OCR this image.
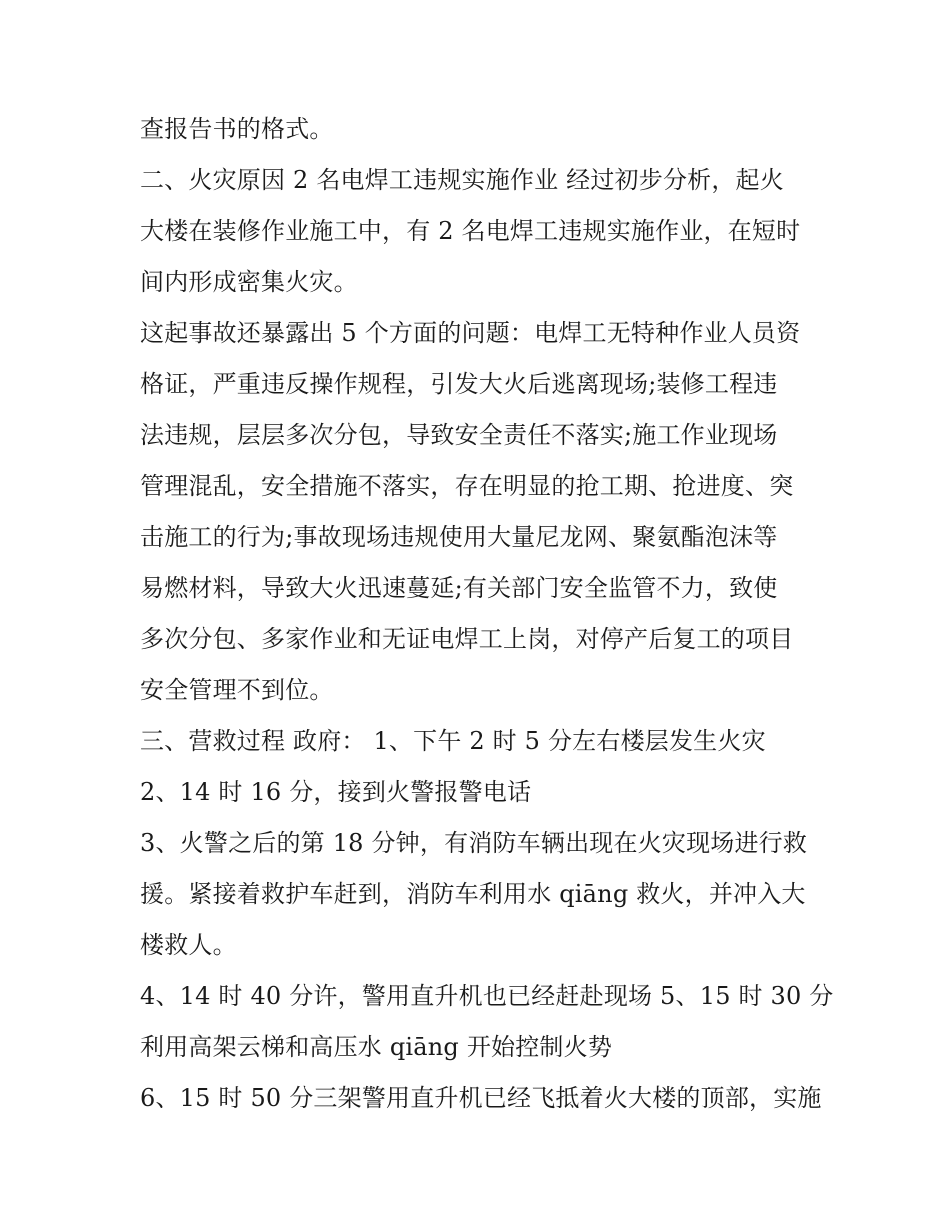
查报告书的格式。
二、火灾原因 2 名电焊工违规实施作业 经过初步分析，起火
大楼在装修作业施工中，有 2 名电焊工违规实施作业，在短时
间内形成密集火灾。
这起事故还暴露出 5 个方面的问题：电焊工无特种作业人员资
格证，严重违反操作规程，引发大火后逃离现场;装修工程违
法违规，层层多次分包，导致安全责任不落实;施工作业现场
管理混乱，安全措施不落实，存在明显的抢工期、抢进度、突
击施工的行为;事故现场违规使用大量尼龙网、聚氨酯泡沫等
易燃材料，导致大火迅速蔓延;有关部门安全监管不力，致使
多次分包、多家作业和无证电焊工上岗，对停产后复工的项目
安全管理不到位。
三、营救过程 政府： 1、下午 2 时 5 分左右楼层发生火灾
2、14 时 16 分，接到火警报警电话
3、火警之后的第 18 分钟，有消防车辆出现在火灾现场进行救
援。紧接着救护车赶到，消防车利用水 qiāng 救火，并冲入大
楼救人。
4、14 时 40 分许，警用直升机也已经赶赴现场 5、15 时 30 分
利用高架云梯和高压水 qiāng 开始控制火势
6、15 时 50 分三架警用直升机已经飞抵着火大楼的顶部，实施
